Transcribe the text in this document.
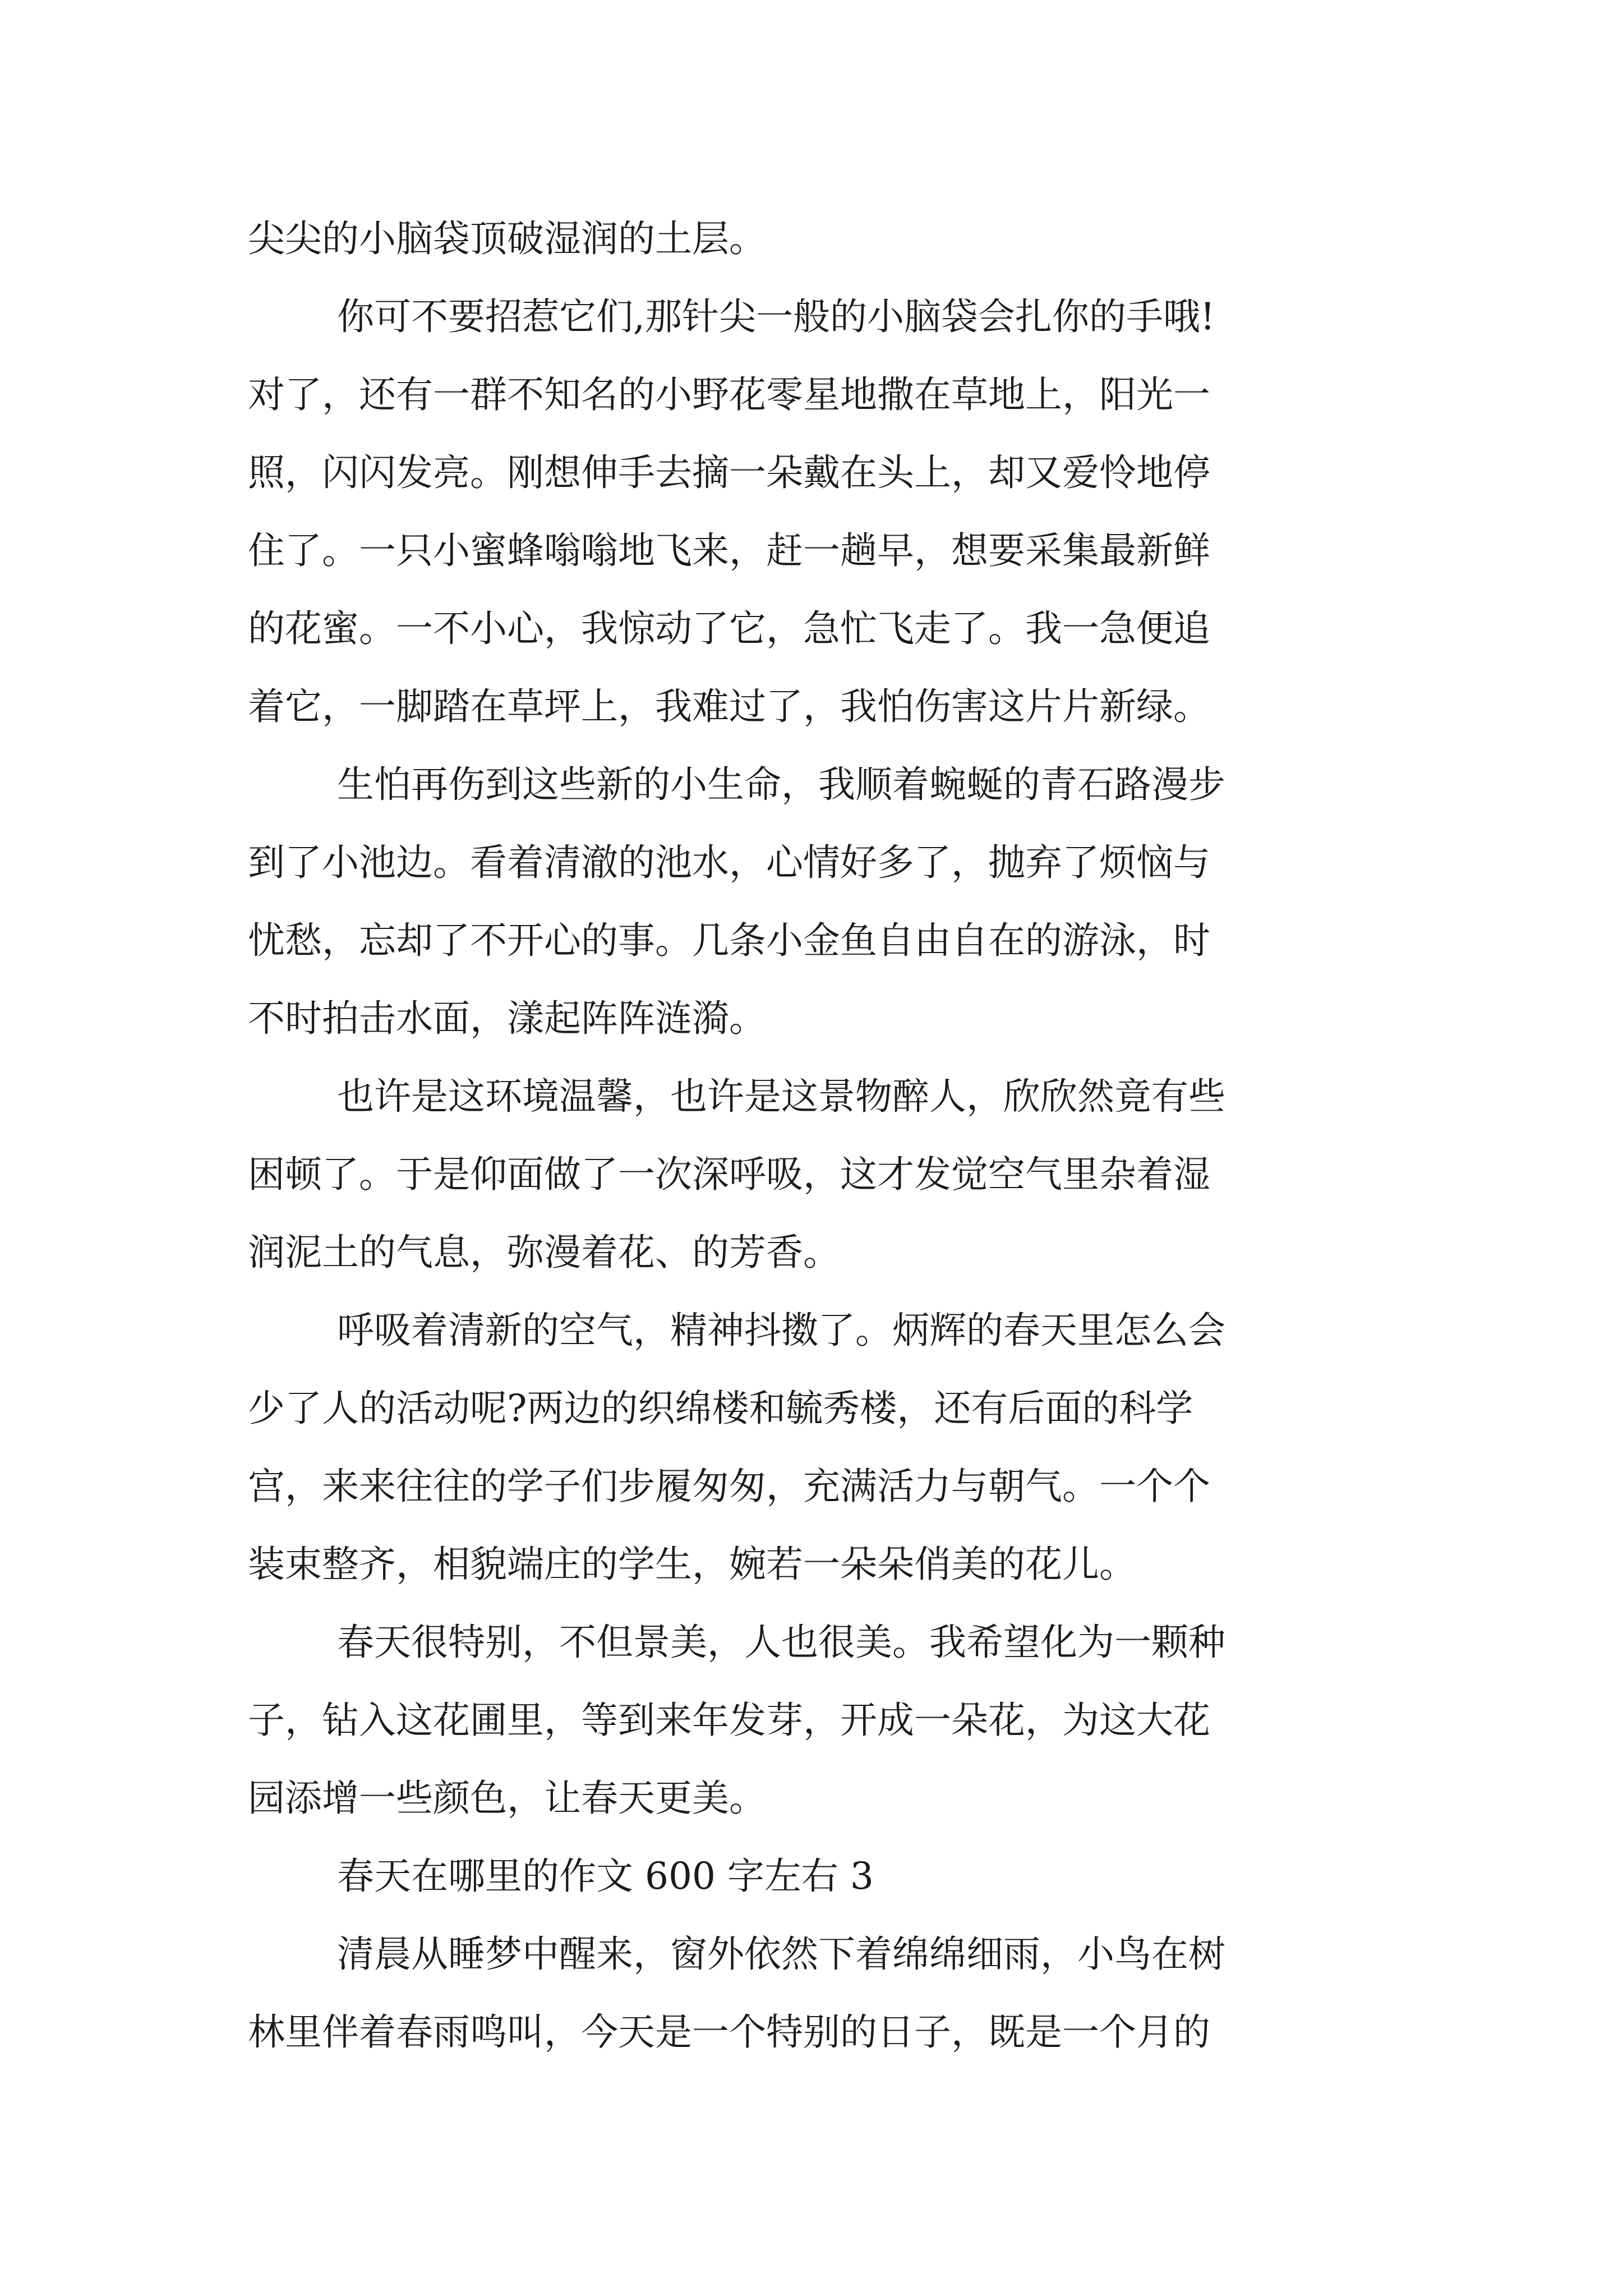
尖尖的小脑袋顶破湿润的土层。

你可不要招惹它们,那针尖一般的小脑袋会扎你的手哦!

对了，还有一群不知名的小野花零星地撒在草地上，阳光一

照，闪闪发亮。刚想伸手去摘一朵戴在头上，却又爱怜地停

住了。一只小蜜蜂嗡嗡地飞来，赶一趟早，想要采集最新鲜

的花蜜。一不小心，我惊动了它，急忙飞走了。我一急便追

着它，一脚踏在草坪上，我难过了，我怕伤害这片片新绿。

生怕再伤到这些新的小生命，我顺着蜿蜒的青石路漫步

到了小池边。看着清澈的池水，心情好多了，抛弃了烦恼与

忧愁，忘却了不开心的事。几条小金鱼自由自在的游泳，时

不时拍击水面，漾起阵阵涟漪。

也许是这环境温馨，也许是这景物醉人，欣欣然竟有些

困顿了。于是仰面做了一次深呼吸，这才发觉空气里杂着湿

润泥土的气息，弥漫着花、的芳香。

呼吸着清新的空气，精神抖擞了。炳辉的春天里怎么会

少了人的活动呢?两边的织绵楼和毓秀楼，还有后面的科学

宫，来来往往的学子们步履匆匆，充满活力与朝气。一个个

装束整齐，相貌端庄的学生，婉若一朵朵俏美的花儿。

春天很特别，不但景美，人也很美。我希望化为一颗种

子，钻入这花圃里，等到来年发芽，开成一朵花，为这大花

园添增一些颜色，让春天更美。

春天在哪里的作文 600 字左右 3

清晨从睡梦中醒来，窗外依然下着绵绵细雨，小鸟在树

林里伴着春雨鸣叫，今天是一个特别的日子，既是一个月的
